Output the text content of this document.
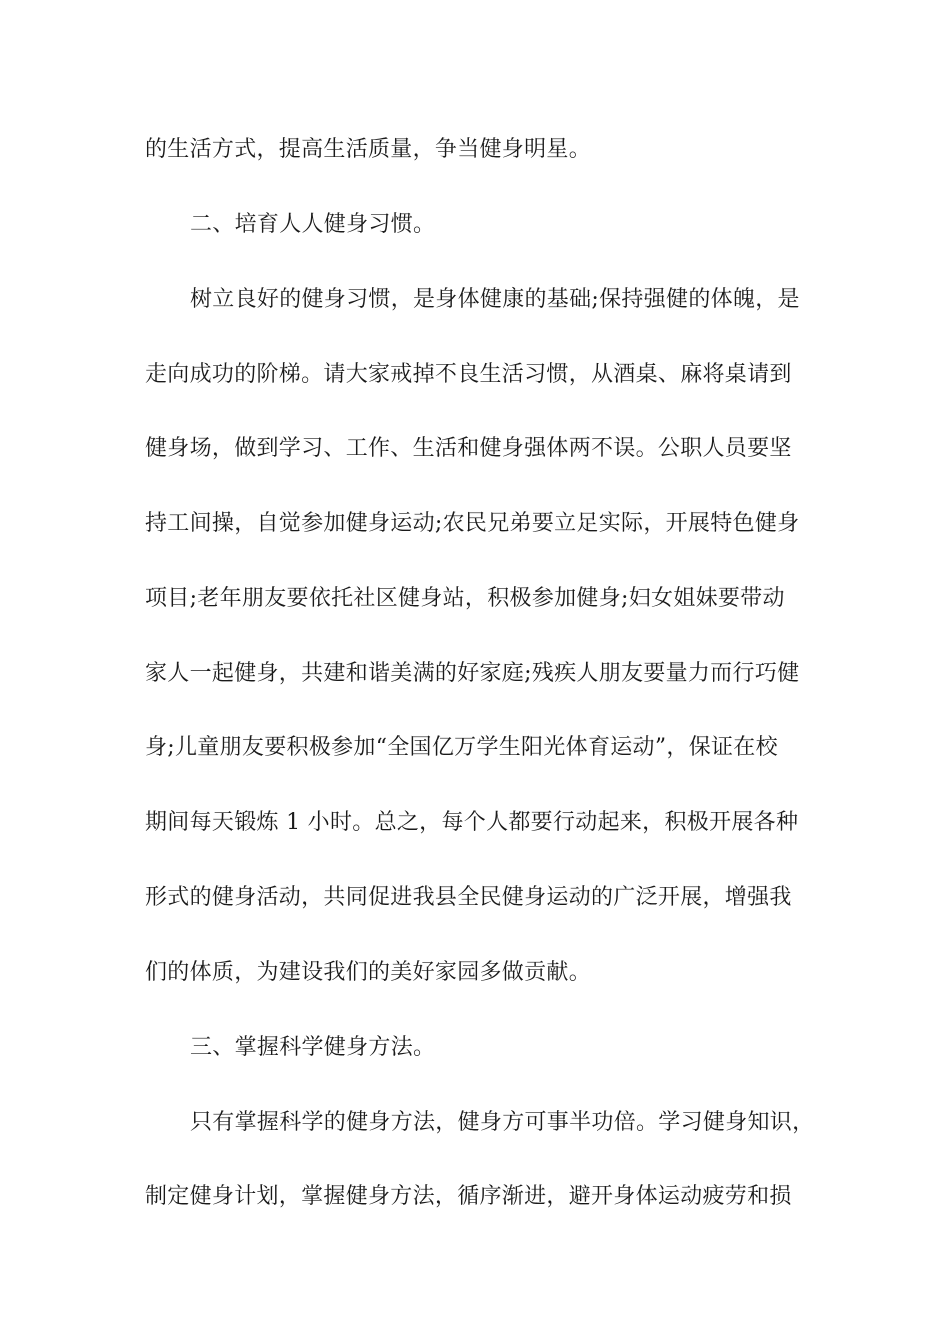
的生活方式，提高生活质量，争当健身明星。
二、培育人人健身习惯。
树立良好的健身习惯，是身体健康的基础;保持强健的体魄，是
走向成功的阶梯。请大家戒掉不良生活习惯，从酒桌、麻将桌请到
健身场，做到学习、工作、生活和健身强体两不误。公职人员要坚
持工间操，自觉参加健身运动;农民兄弟要立足实际，开展特色健身
项目;老年朋友要依托社区健身站，积极参加健身;妇女姐妹要带动
家人一起健身，共建和谐美满的好家庭;残疾人朋友要量力而行巧健
身;儿童朋友要积极参加“全国亿万学生阳光体育运动”，保证在校
期间每天锻炼 1 小时。总之，每个人都要行动起来，积极开展各种
形式的健身活动，共同促进我县全民健身运动的广泛开展，增强我
们的体质，为建设我们的美好家园多做贡献。
三、掌握科学健身方法。
只有掌握科学的健身方法，健身方可事半功倍。学习健身知识，
制定健身计划，掌握健身方法，循序渐进，避开身体运动疲劳和损
